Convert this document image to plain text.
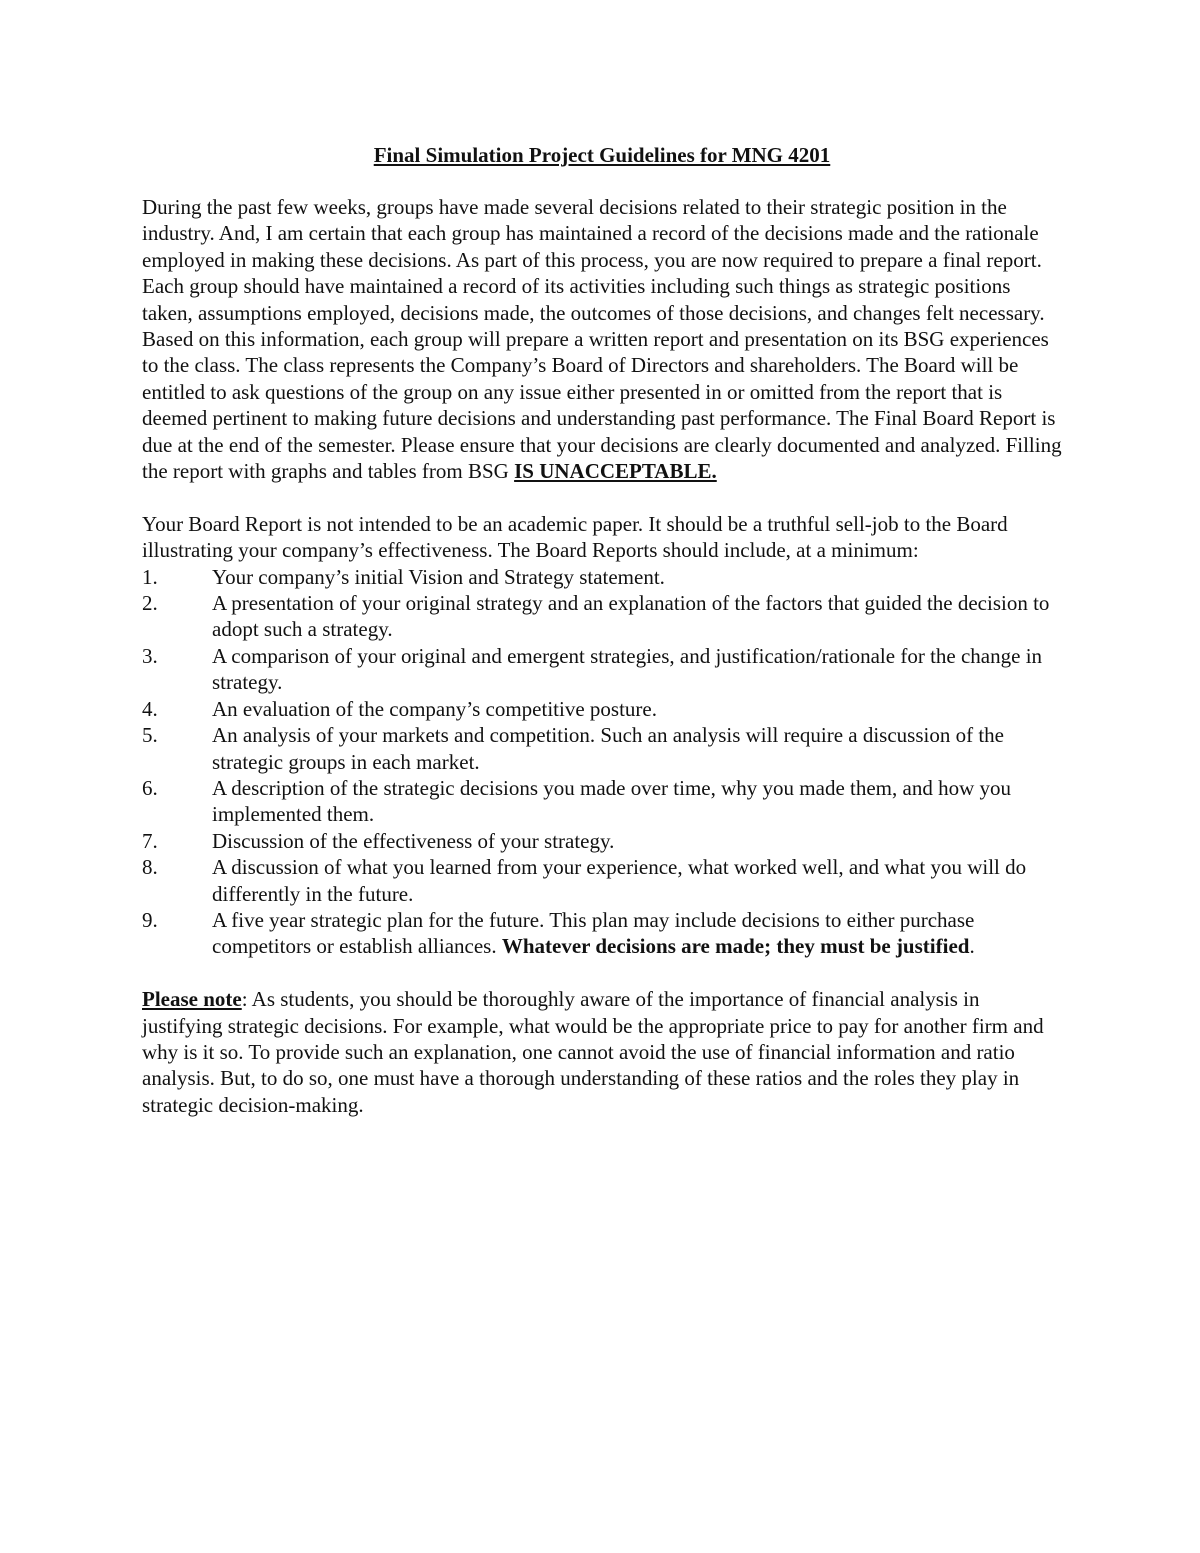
Final Simulation Project Guidelines for MNG 4201

During the past few weeks, groups have made several decisions related to their strategic position in the industry. And, I am certain that each group has maintained a record of the decisions made and the rationale employed in making these decisions. As part of this process, you are now required to prepare a final report. Each group should have maintained a record of its activities including such things as strategic positions taken, assumptions employed, decisions made, the outcomes of those decisions, and changes felt necessary. Based on this information, each group will prepare a written report and presentation on its BSG experiences to the class. The class represents the Company’s Board of Directors and shareholders. The Board will be entitled to ask questions of the group on any issue either presented in or omitted from the report that is deemed pertinent to making future decisions and understanding past performance. The Final Board Report is due at the end of the semester. Please ensure that your decisions are clearly documented and analyzed. Filling the report with graphs and tables from BSG IS UNACCEPTABLE.

Your Board Report is not intended to be an academic paper. It should be a truthful sell-job to the Board illustrating your company’s effectiveness. The Board Reports should include, at a minimum:

1.	Your company’s initial Vision and Strategy statement.
2.	A presentation of your original strategy and an explanation of the factors that guided the decision to adopt such a strategy.
3.	A comparison of your original and emergent strategies, and justification/rationale for the change in strategy.
4.	An evaluation of the company’s competitive posture.
5.	An analysis of your markets and competition. Such an analysis will require a discussion of the strategic groups in each market.
6.	A description of the strategic decisions you made over time, why you made them, and how you implemented them.
7.	Discussion of the effectiveness of your strategy.
8.	A discussion of what you learned from your experience, what worked well, and what you will do differently in the future.
9.	A five year strategic plan for the future. This plan may include decisions to either purchase competitors or establish alliances. Whatever decisions are made; they must be justified.

Please note: As students, you should be thoroughly aware of the importance of financial analysis in justifying strategic decisions. For example, what would be the appropriate price to pay for another firm and why is it so. To provide such an explanation, one cannot avoid the use of financial information and ratio analysis. But, to do so, one must have a thorough understanding of these ratios and the roles they play in strategic decision-making.
